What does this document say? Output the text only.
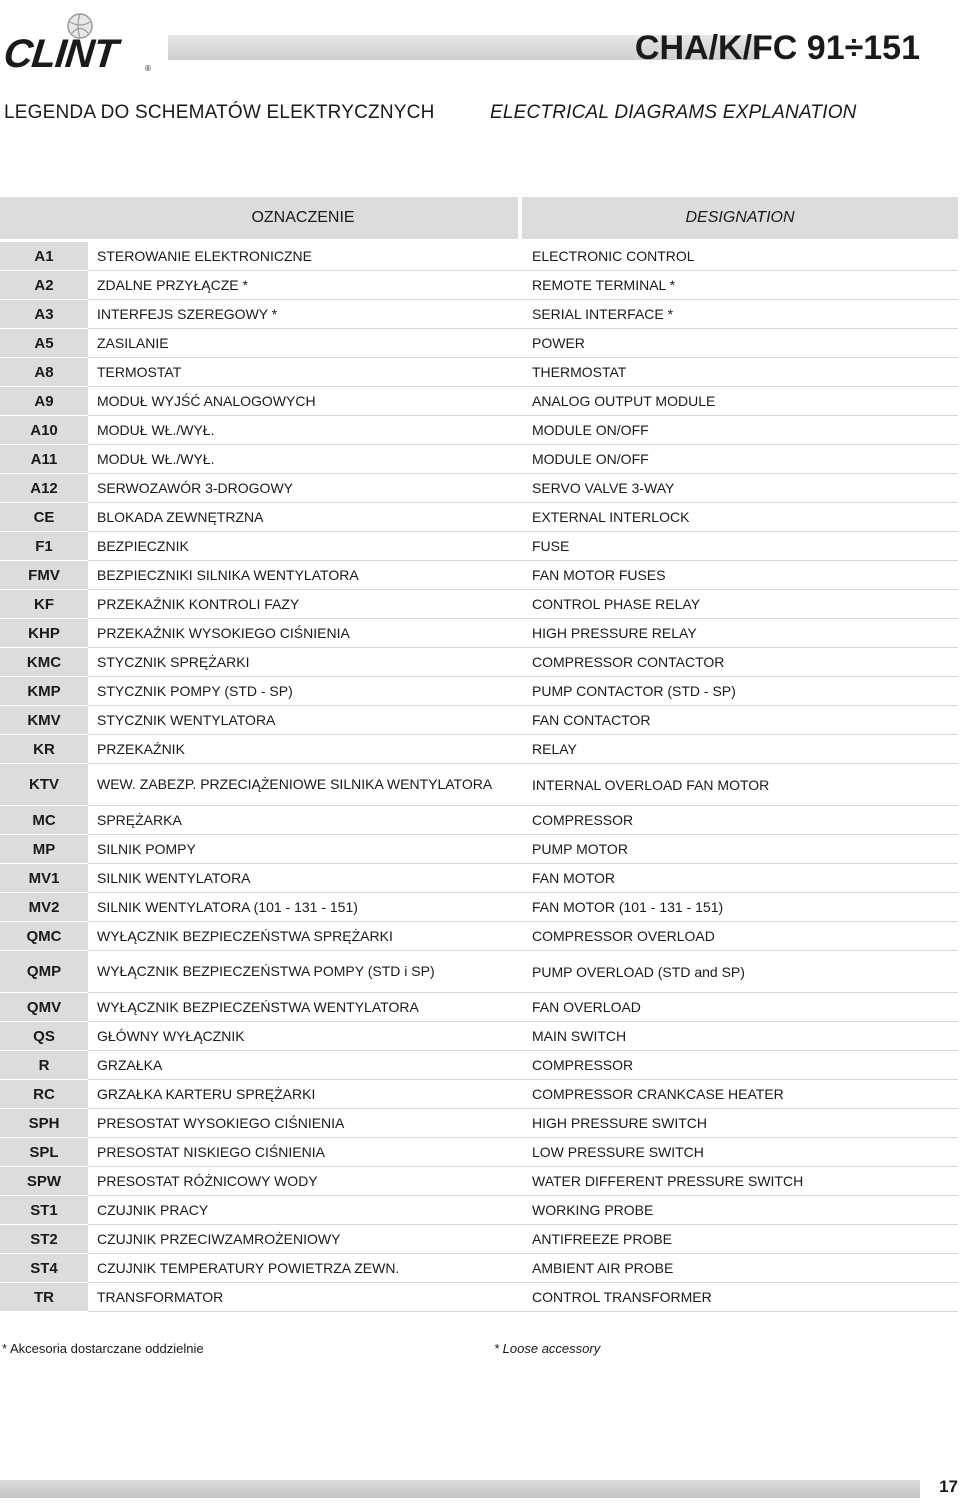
CLINT	®
CHA/K/FC 91÷151
LEGENDA DO SCHEMATÓW ELEKTRYCZNYCH	ELECTRICAL DIAGRAMS EXPLANATION
	OZNACZENIE	DESIGNATION
A1	STEROWANIE ELEKTRONICZNE	ELECTRONIC CONTROL
A2	ZDALNE PRZYŁĄCZE *	REMOTE TERMINAL *
A3	INTERFEJS SZEREGOWY *	SERIAL INTERFACE *
A5	ZASILANIE	POWER
A8	TERMOSTAT	THERMOSTAT
A9	MODUŁ WYJŚĆ ANALOGOWYCH	ANALOG OUTPUT MODULE
A10	MODUŁ WŁ./WYŁ.	MODULE ON/OFF
A11	MODUŁ WŁ./WYŁ.	MODULE ON/OFF
A12	SERWOZAWÓR 3-DROGOWY	SERVO VALVE 3-WAY
CE	BLOKADA ZEWNĘTRZNA	EXTERNAL INTERLOCK
F1	BEZPIECZNIK	FUSE
FMV	BEZPIECZNIKI SILNIKA WENTYLATORA	FAN MOTOR FUSES
KF	PRZEKAŹNIK KONTROLI FAZY	CONTROL PHASE RELAY
KHP	PRZEKAŹNIK WYSOKIEGO CIŚNIENIA	HIGH PRESSURE RELAY
KMC	STYCZNIK SPRĘŻARKI	COMPRESSOR CONTACTOR
KMP	STYCZNIK POMPY (STD - SP)	PUMP CONTACTOR (STD - SP)
KMV	STYCZNIK WENTYLATORA	FAN CONTACTOR
KR	PRZEKAŹNIK	RELAY
KTV	WEW. ZABEZP. PRZECIĄŻENIOWE SILNIKA WENTYLATORA	INTERNAL OVERLOAD FAN MOTOR
MC	SPRĘŻARKA	COMPRESSOR
MP	SILNIK POMPY	PUMP MOTOR
MV1	SILNIK WENTYLATORA	FAN MOTOR
MV2	SILNIK WENTYLATORA (101 - 131 - 151)	FAN MOTOR (101 - 131 - 151)
QMC	WYŁĄCZNIK BEZPIECZEŃSTWA SPRĘŻARKI	COMPRESSOR OVERLOAD
QMP	WYŁĄCZNIK BEZPIECZEŃSTWA POMPY (STD i SP)	PUMP OVERLOAD (STD and SP)
QMV	WYŁĄCZNIK BEZPIECZEŃSTWA WENTYLATORA	FAN OVERLOAD
QS	GŁÓWNY WYŁĄCZNIK	MAIN SWITCH
R	GRZAŁKA	COMPRESSOR
RC	GRZAŁKA KARTERU SPRĘŻARKI	COMPRESSOR CRANKCASE HEATER
SPH	PRESOSTAT WYSOKIEGO CIŚNIENIA	HIGH PRESSURE SWITCH
SPL	PRESOSTAT NISKIEGO CIŚNIENIA	LOW PRESSURE SWITCH
SPW	PRESOSTAT RÓŻNICOWY WODY	WATER DIFFERENT PRESSURE SWITCH
ST1	CZUJNIK PRACY	WORKING PROBE
ST2	CZUJNIK PRZECIWZAMROŻENIOWY	ANTIFREEZE PROBE
ST4	CZUJNIK TEMPERATURY POWIETRZA ZEWN.	AMBIENT AIR PROBE
TR	TRANSFORMATOR	CONTROL TRANSFORMER
* Akcesoria dostarczane oddzielnie	* Loose accessory
17
